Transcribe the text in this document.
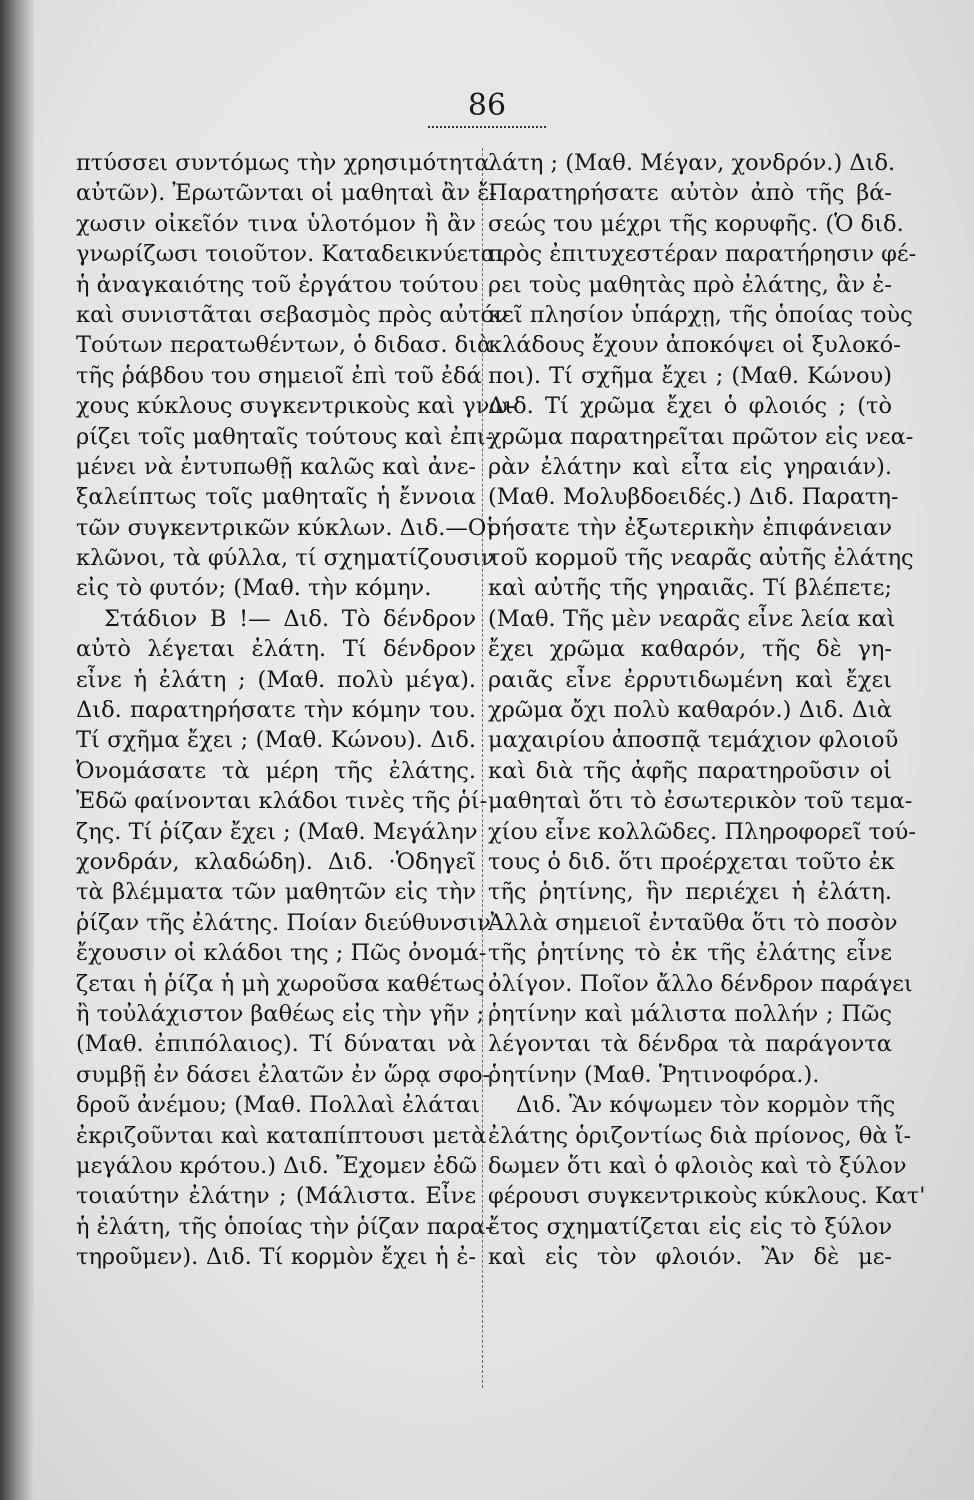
86
πτύσσει συντόμως τὴν χρησιμότητα
αὐτῶν). Ἐρωτῶνται οἱ μαθηταὶ ἂν ἔ-
χωσιν οἰκεῖόν τινα ὑλοτόμον ἢ ἂν
γνωρίζωσι τοιοῦτον. Καταδεικνύεται
ἡ ἀναγκαιότης τοῦ ἐργάτου τούτου
καὶ συνιστᾶται σεβασμὸς πρὸς αὐτόν
Τούτων περατωθέντων, ὁ διδασ. διὰ
τῆς ῥάβδου του σημειοῖ ἐπὶ τοῦ ἐδά
χους κύκλους συγκεντρικοὺς καὶ γνω-
ρίζει τοῖς μαθηταῖς τούτους καὶ ἐπι-
μένει νὰ ἐντυπωθῇ καλῶς καὶ ἀνε-
ξαλείπτως τοῖς μαθηταῖς ἡ ἔννοια
τῶν συγκεντρικῶν κύκλων. Διδ.—Οἱ
κλῶνοι, τὰ φύλλα, τί σχηματίζουσιν
εἰς τὸ φυτόν; (Μαθ. τὴν κόμην.
Στάδιον Β !— Διδ. Τὸ δένδρον
αὐτὸ λέγεται ἐλάτη. Τί δένδρον
εἶνε ἡ ἐλάτη ; (Μαθ. πολὺ μέγα).
Διδ. παρατηρήσατε τὴν κόμην του.
Τί σχῆμα ἔχει ; (Μαθ. Κώνου). Διδ.
Ὀνομάσατε τὰ μέρη τῆς ἐλάτης.
Ἐδῶ φαίνονται κλάδοι τινὲς τῆς ῥί-
ζης. Τί ῥίζαν ἔχει ; (Μαθ. Μεγάλην
χονδράν, κλαδώδη). Διδ. ·Ὁδηγεῖ
τὰ βλέμματα τῶν μαθητῶν εἰς τὴν
ῥίζαν τῆς ἐλάτης. Ποίαν διεύθυνσιν
ἔχουσιν οἱ κλάδοι της ; Πῶς ὀνομά-
ζεται ἡ ῥίζα ἡ μὴ χωροῦσα καθέτως
ἢ τοὐλάχιστον βαθέως εἰς τὴν γῆν ;
(Μαθ. ἐπιπόλαιος). Τί δύναται νὰ
συμβῇ ἐν δάσει ἐλατῶν ἐν ὥρᾳ σφο-
δροῦ ἀνέμου; (Μαθ. Πολλαὶ ἐλάται
ἐκριζοῦνται καὶ καταπίπτουσι μετὰ
μεγάλου κρότου.) Διδ. Ἔχομεν ἐδῶ
τοιαύτην ἐλάτην ; (Μάλιστα. Εἶνε
ἡ ἐλάτη, τῆς ὁποίας τὴν ῥίζαν παρα-
τηροῦμεν). Διδ. Τί κορμὸν ἔχει ἡ ἐ-
λάτη ; (Μαθ. Μέγαν, χονδρόν.) Διδ.
Παρατηρήσατε αὐτὸν ἀπὸ τῆς βά-
σεώς του μέχρι τῆς κορυφῆς. (Ὁ διδ.
πρὸς ἐπιτυχεστέραν παρατήρησιν φέ-
ρει τοὺς μαθητὰς πρὸ ἐλάτης, ἂν ἐ-
κεῖ πλησίον ὑπάρχῃ, τῆς ὁποίας τοὺς
κλάδους ἔχουν ἀποκόψει οἱ ξυλοκό-
ποι). Τί σχῆμα ἔχει ; (Μαθ. Κώνου)
Διδ. Τί χρῶμα ἔχει ὁ φλοιός ; (τὸ
χρῶμα παρατηρεῖται πρῶτον εἰς νεα-
ρὰν ἐλάτην καὶ εἶτα εἰς γηραιάν).
(Μαθ. Μολυβδοειδές.) Διδ. Παρατη-
ρήσατε τὴν ἐξωτερικὴν ἐπιφάνειαν
τοῦ κορμοῦ τῆς νεαρᾶς αὐτῆς ἐλάτης
καὶ αὐτῆς τῆς γηραιᾶς. Τί βλέπετε;
(Μαθ. Τῆς μὲν νεαρᾶς εἶνε λεία καὶ
ἔχει χρῶμα καθαρόν, τῆς δὲ γη-
ραιᾶς εἶνε ἐρρυτιδωμένη καὶ ἔχει
χρῶμα ὄχι πολὺ καθαρόν.) Διδ. Διὰ
μαχαιρίου ἀποσπᾷ τεμάχιον φλοιοῦ
καὶ διὰ τῆς ἀφῆς παρατηροῦσιν οἱ
μαθηταὶ ὅτι τὸ ἐσωτερικὸν τοῦ τεμα-
χίου εἶνε κολλῶδες. Πληροφορεῖ τού-
τους ὁ διδ. ὅτι προέρχεται τοῦτο ἐκ
τῆς ῥητίνης, ἣν περιέχει ἡ ἐλάτη.
Ἀλλὰ σημειοῖ ἐνταῦθα ὅτι τὸ ποσὸν
τῆς ῥητίνης τὸ ἐκ τῆς ἐλάτης εἶνε
ὀλίγον. Ποῖον ἄλλο δένδρον παράγει
ῥητίνην καὶ μάλιστα πολλήν ; Πῶς
λέγονται τὰ δένδρα τὰ παράγοντα
ῥητίνην (Μαθ. Ῥητινοφόρα.).
Διδ. Ἂν κόψωμεν τὸν κορμὸν τῆς
ἐλάτης ὁριζοντίως διὰ πρίονος, θὰ ἴ-
δωμεν ὅτι καὶ ὁ φλοιὸς καὶ τὸ ξύλον
φέρουσι συγκεντρικοὺς κύκλους. Κατ'
ἔτος σχηματίζεται εἰς εἰς τὸ ξύλον
καὶ εἰς τὸν φλοιόν. Ἂν δὲ με-
